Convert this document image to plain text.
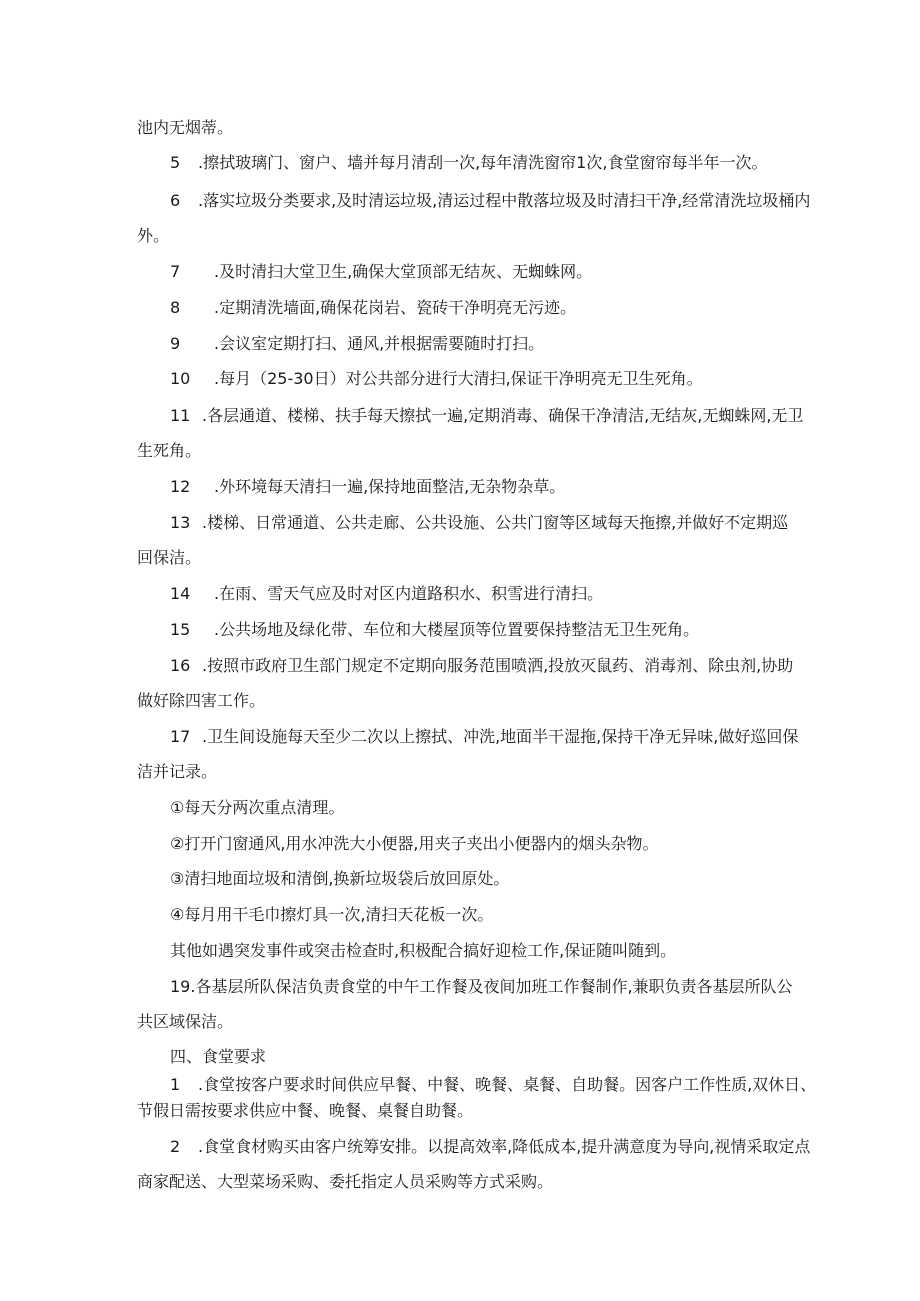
池内无烟蒂。
5 .擦拭玻璃门、窗户、墙并每月清刮一次,每年清洗窗帘1次,食堂窗帘每半年一次。
6 .落实垃圾分类要求,及时清运垃圾,清运过程中散落垃圾及时清扫干净,经常清洗垃圾桶内
外。
7 .及时清扫大堂卫生,确保大堂顶部无结灰、无蜘蛛网。
8 .定期清洗墙面,确保花岗岩、瓷砖干净明亮无污迹。
9 .会议室定期打扫、通风,并根据需要随时打扫。
10 .每月（25-30日）对公共部分进行大清扫,保证干净明亮无卫生死角。
11 .各层通道、楼梯、扶手每天擦拭一遍,定期消毒、确保干净清洁,无结灰,无蜘蛛网,无卫
生死角。
12 .外环境每天清扫一遍,保持地面整洁,无杂物杂草。
13 .楼梯、日常通道、公共走廊、公共设施、公共门窗等区域每天拖擦,并做好不定期巡
回保洁。
14 .在雨、雪天气应及时对区内道路积水、积雪进行清扫。
15 .公共场地及绿化带、车位和大楼屋顶等位置要保持整洁无卫生死角。
16 .按照市政府卫生部门规定不定期向服务范围喷洒,投放灭鼠药、消毒剂、除虫剂,协助
做好除四害工作。
17 .卫生间设施每天至少二次以上擦拭、冲洗,地面半干湿拖,保持干净无异味,做好巡回保
洁并记录。
①每天分两次重点清理。
②打开门窗通风,用水冲洗大小便器,用夹子夹出小便器内的烟头杂物。
③清扫地面垃圾和清倒,换新垃圾袋后放回原处。
④每月用干毛巾擦灯具一次,清扫天花板一次。
其他如遇突发事件或突击检查时,积极配合搞好迎检工作,保证随叫随到。
19.各基层所队保洁负责食堂的中午工作餐及夜间加班工作餐制作,兼职负责各基层所队公
共区域保洁。
四、食堂要求
1 .食堂按客户要求时间供应早餐、中餐、晚餐、桌餐、自助餐。因客户工作性质,双休日、
节假日需按要求供应中餐、晚餐、桌餐自助餐。
2 .食堂食材购买由客户统筹安排。以提高效率,降低成本,提升满意度为导向,视情采取定点
商家配送、大型菜场采购、委托指定人员采购等方式采购。
